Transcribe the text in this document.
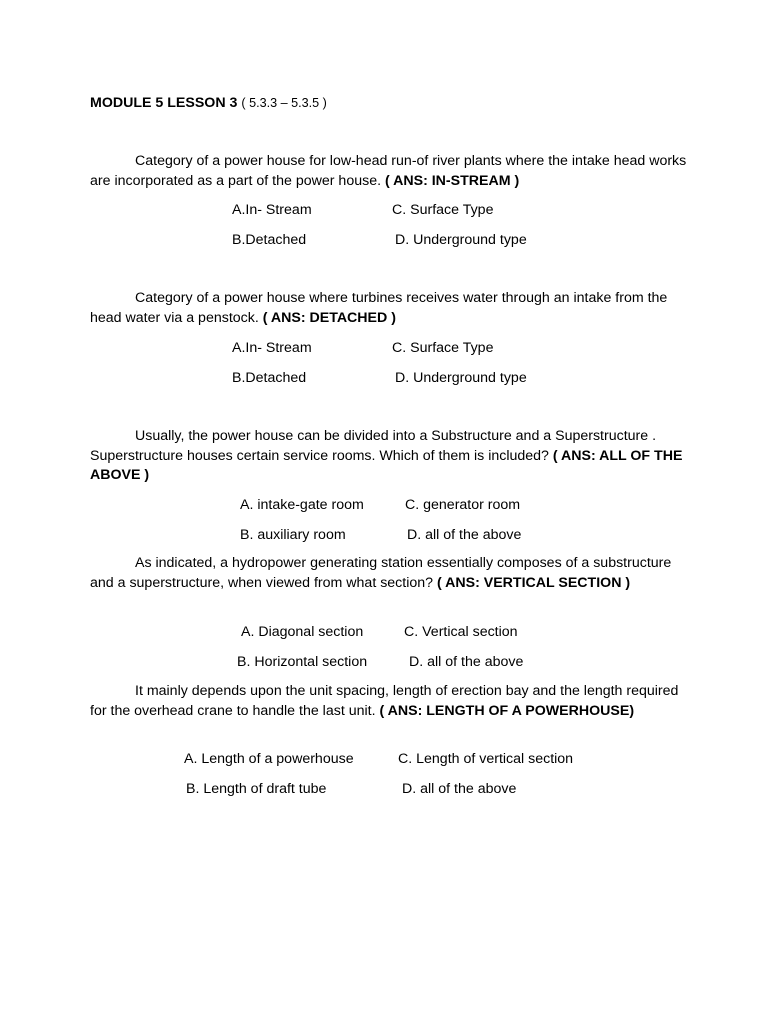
MODULE 5 LESSON 3 ( 5.3.3 – 5.3.5 )
Category of a power house for low-head run-of river plants where the intake head works are incorporated as a part of the power house. ( ANS: IN-STREAM )
A.In- Stream	C. Surface Type
B.Detached	D. Underground type
Category of a power house where turbines receives water through an intake from the head water via a penstock. ( ANS: DETACHED )
A.In- Stream	C. Surface Type
B.Detached	D. Underground type
Usually, the power house can be divided into a Substructure and a Superstructure . Superstructure houses certain service rooms. Which of them is included? ( ANS: ALL OF THE ABOVE )
A. intake-gate room	C. generator room
B. auxiliary room	D. all of the above
As indicated, a hydropower generating station essentially composes of a substructure and a superstructure, when viewed from what section? ( ANS: VERTICAL SECTION )
A. Diagonal section	C. Vertical section
B. Horizontal section	D. all of the above
It mainly depends upon the unit spacing, length of erection bay and the length required for the overhead crane to handle the last unit. ( ANS: LENGTH OF A POWERHOUSE)
A. Length of a powerhouse	C. Length of vertical section
B. Length of draft tube	D. all of the above
